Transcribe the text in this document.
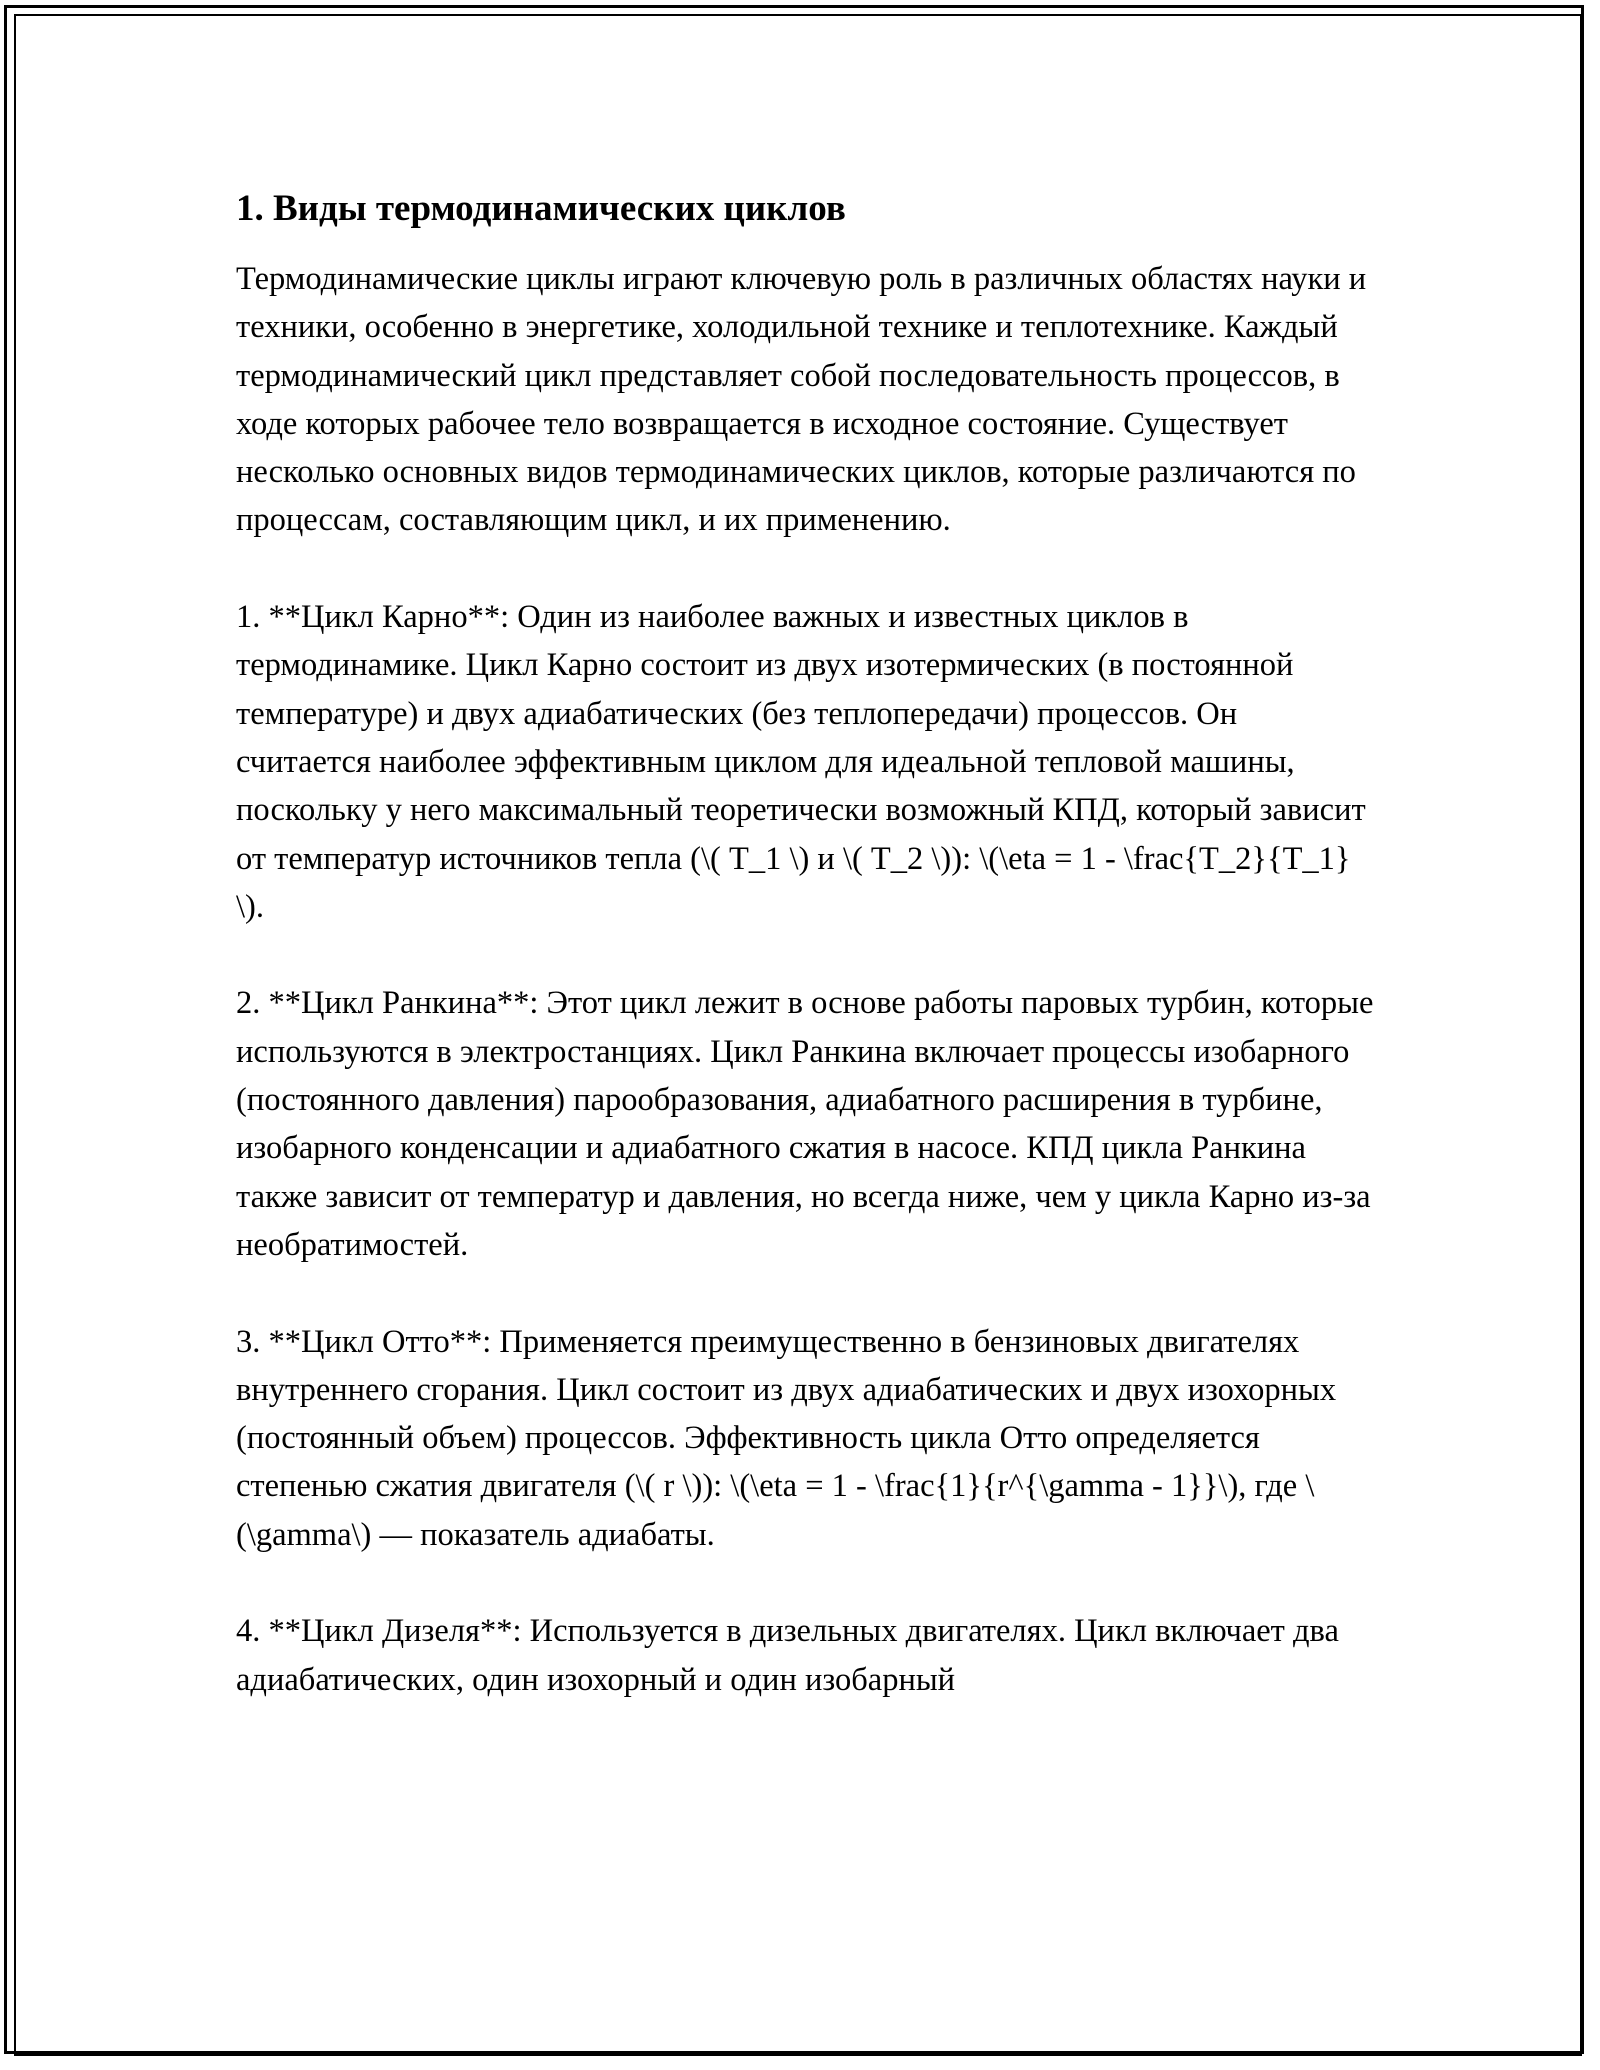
1. Виды термодинамических циклов

Термодинамические циклы играют ключевую роль в различных областях науки и техники, особенно в энергетике, холодильной технике и теплотехнике. Каждый термодинамический цикл представляет собой последовательность процессов, в ходе которых рабочее тело возвращается в исходное состояние. Существует несколько основных видов термодинамических циклов, которые различаются по процессам, составляющим цикл, и их применению.

1. **Цикл Карно**: Один из наиболее важных и известных циклов в термодинамике. Цикл Карно состоит из двух изотермических (в постоянной температуре) и двух адиабатических (без теплопередачи) процессов. Он считается наиболее эффективным циклом для идеальной тепловой машины, поскольку у него максимальный теоретически возможный КПД, который зависит от температур источников тепла (\( T_1 \) и \( T_2 \)): \(\eta = 1 - \frac{T_2}{T_1} \).

2. **Цикл Ранкина**: Этот цикл лежит в основе работы паровых турбин, которые используются в электростанциях. Цикл Ранкина включает процессы изобарного (постоянного давления) парообразования, адиабатного расширения в турбине, изобарного конденсации и адиабатного сжатия в насосе. КПД цикла Ранкина также зависит от температур и давления, но всегда ниже, чем у цикла Карно из-за необратимостей.

3. **Цикл Отто**: Применяется преимущественно в бензиновых двигателях внутреннего сгорания. Цикл состоит из двух адиабатических и двух изохорных (постоянный объем) процессов. Эффективность цикла Отто определяется степенью сжатия двигателя (\( r \)): \(\eta = 1 - \frac{1}{r^{\gamma - 1}}\), где \(\gamma\) — показатель адиабаты.

4. **Цикл Дизеля**: Используется в дизельных двигателях. Цикл включает два адиабатических, один изохорный и один изобарный
